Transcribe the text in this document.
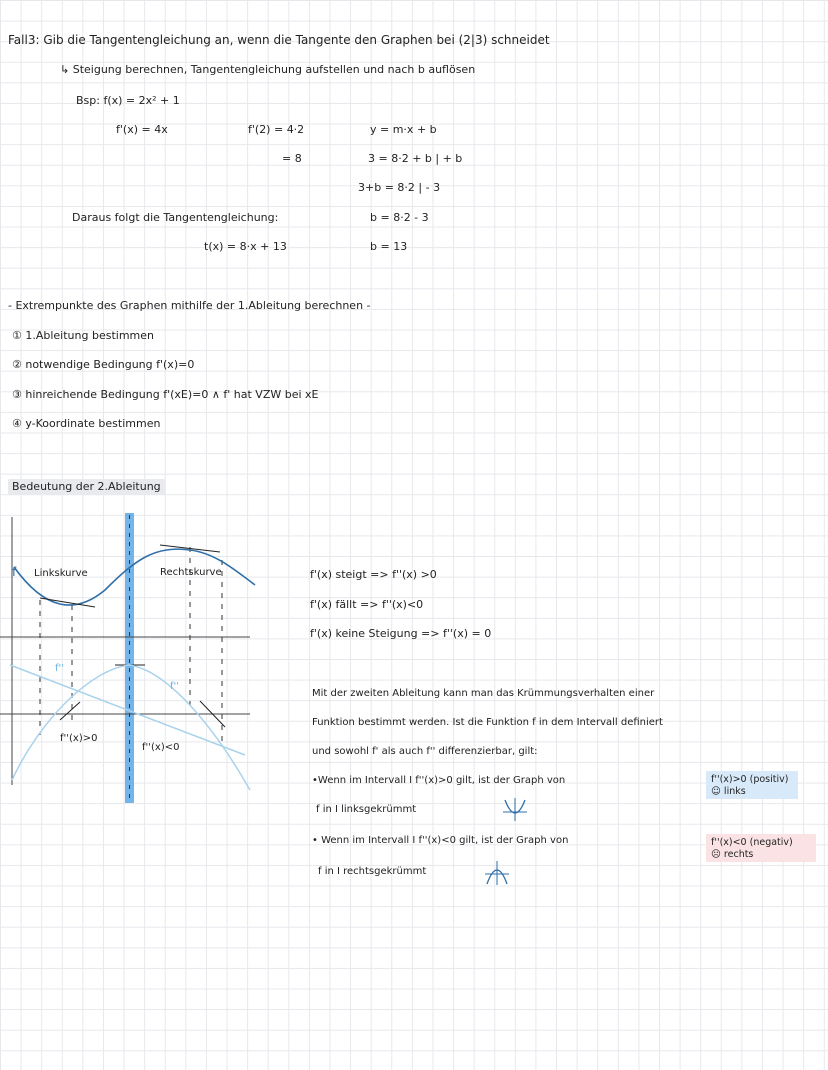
Fall3: Gib die Tangentengleichung an, wenn die Tangente den Graphen bei (2|3) schneidet
↳ Steigung berechnen, Tangentengleichung aufstellen und nach b auflösen
Bsp: f(x) = 2x² + 1
f'(x) = 4x	f'(2) = 4·2
= 8
y = m·x + b
3 = 8·2 + b | + b
3+b = 8·2 | - 3
b = 8·2 - 3
b = 13
Daraus folgt die Tangentengleichung:
t(x) = 8·x + 13
- Extrempunkte des Graphen mithilfe der 1.Ableitung berechnen -
① 1.Ableitung bestimmen
② notwendige Bedingung f'(x)=0
③ hinreichende Bedingung f'(xE)=0 ∧ f' hat VZW bei xE
④ y-Koordinate bestimmen
Bedeutung der 2.Ableitung
f Linkskurve	Rechtskurve
f''
f''
f''(x)>0
f''(x)<0
f'(x) steigt => f''(x) >0
f'(x) fällt => f''(x)<0
f'(x) keine Steigung => f''(x) = 0
Mit der zweiten Ableitung kann man das Krümmungsverhalten einer
Funktion bestimmt werden. Ist die Funktion f in dem Intervall definiert
und sowohl f' als auch f'' differenzierbar, gilt:
•Wenn im Intervall I f''(x)>0 gilt, ist der Graph von
f in I linksgekrümmt
• Wenn im Intervall I f''(x)<0 gilt, ist der Graph von
f in I rechtsgekrümmt
f''(x)>0 (positiv)
☺ links
f''(x)<0 (negativ)
☹ rechts
